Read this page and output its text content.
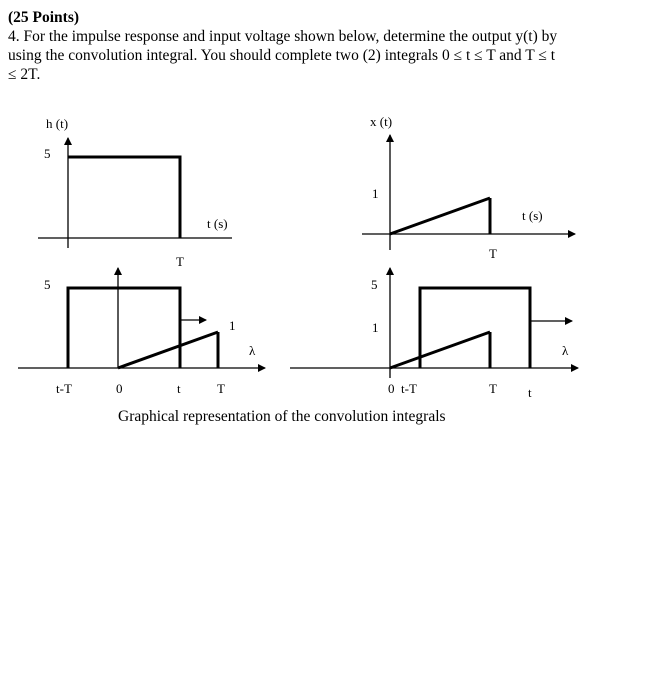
(25 Points)
4. For the impulse response and input voltage shown below, determine the output y(t) by
using the convolution integral. You should complete two (2) integrals 0 ≤ t ≤ T and T ≤ t
≤ 2T.
h (t)
5
T
t (s)
x (t)
1
T
t (s)
5
1
t-T	0	t	T
λ
5
1
0  t-T	T t
λ
Graphical representation of the convolution integrals
